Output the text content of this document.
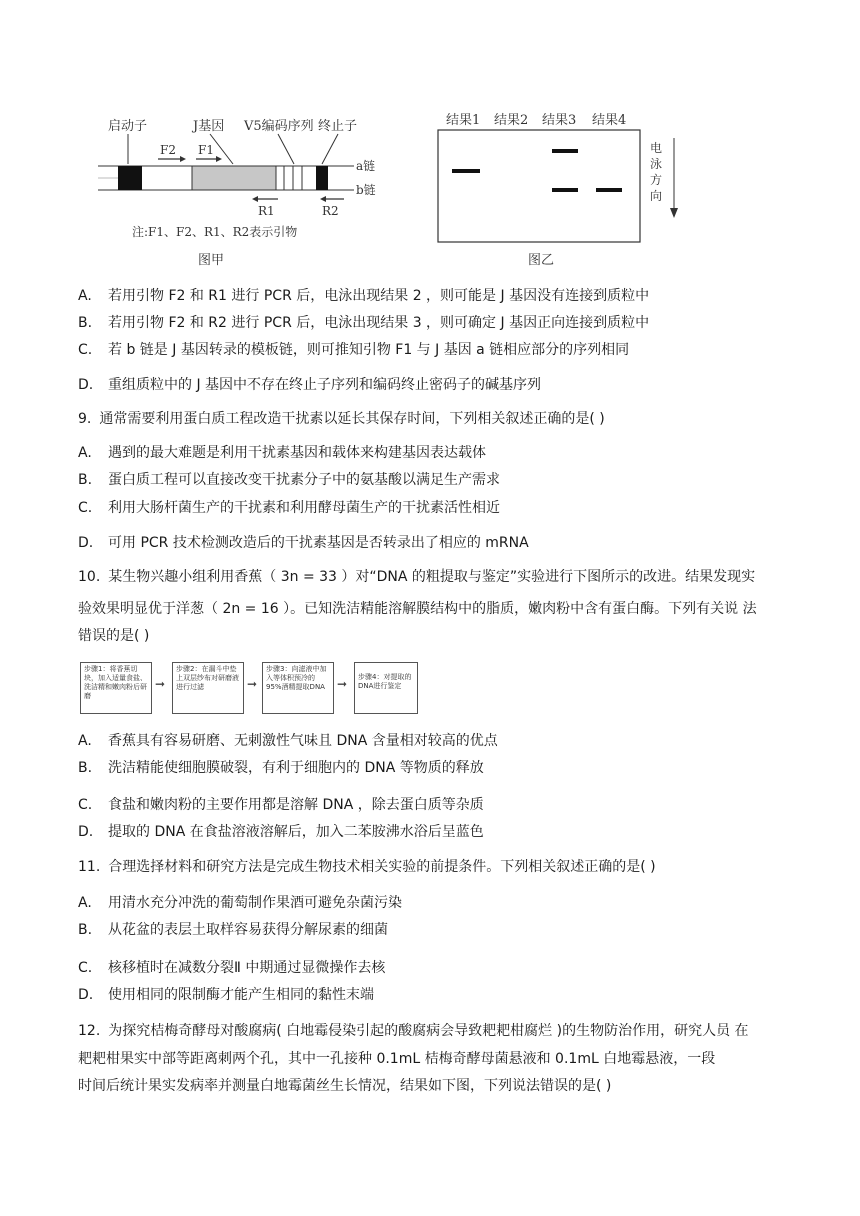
启动子	J基因 V5编码序列 终止子
F2 F1
a链
b链
R1	R2
注:F1、F2、R1、R2表示引物
图甲
结果1 结果2 结果3 结果4
电
泳
方
向
图乙
A. 若用引物 F2 和 R1 进行 PCR 后，电泳出现结果 2 ，则可能是 J 基因没有连接到质粒中
B. 若用引物 F2 和 R2 进行 PCR 后，电泳出现结果 3 ，则可确定 J 基因正向连接到质粒中
C. 若 b 链是 J 基因转录的模板链，则可推知引物 F1 与 J 基因 a 链相应部分的序列相同
D. 重组质粒中的 J 基因中不存在终止子序列和编码终止密码子的碱基序列
9. 通常需要利用蛋白质工程改造干扰素以延长其保存时间，下列相关叙述正确的是( )
A. 遇到的最大难题是利用干扰素基因和载体来构建基因表达载体
B. 蛋白质工程可以直接改变干扰素分子中的氨基酸以满足生产需求
C. 利用大肠杆菌生产的干扰素和利用酵母菌生产的干扰素活性相近
D. 可用 PCR 技术检测改造后的干扰素基因是否转录出了相应的 mRNA
10. 某生物兴趣小组利用香蕉（ 3n = 33 ）对“DNA 的粗提取与鉴定”实验进行下图所示的改进。结果发现实
验效果明显优于洋葱（ 2n = 16 ）。已知洗洁精能溶解膜结构中的脂质，嫩肉粉中含有蛋白酶。下列有关说 法
错误的是( )
步骤1：将香蕉切块，加入适量食盐、洗洁精和嫩肉粉后研磨
➞
步骤2：在漏斗中垫上双层纱布对研磨液进行过滤	➞
步骤3：向滤液中加入等体积预冷的95%酒精提取DNA	➞	步骤4：对提取的DNA进行鉴定
A. 香蕉具有容易研磨、无刺激性气味且 DNA 含量相对较高的优点
B. 洗洁精能使细胞膜破裂，有利于细胞内的 DNA 等物质的释放
C. 食盐和嫩肉粉的主要作用都是溶解 DNA ，除去蛋白质等杂质
D. 提取的 DNA 在食盐溶液溶解后，加入二苯胺沸水浴后呈蓝色
11. 合理选择材料和研究方法是完成生物技术相关实验的前提条件。下列相关叙述正确的是( )
A. 用清水充分冲洗的葡萄制作果酒可避免杂菌污染
B. 从花盆的表层土取样容易获得分解尿素的细菌
C. 核移植时在减数分裂Ⅱ 中期通过显微操作去核
D. 使用相同的限制酶才能产生相同的黏性末端
12. 为探究桔梅奇酵母对酸腐病( 白地霉侵染引起的酸腐病会导致耙耙柑腐烂 )的生物防治作用，研究人员 在
耙耙柑果实中部等距离刺两个孔，其中一孔接种 0.1mL 桔梅奇酵母菌悬液和 0.1mL 白地霉悬液，一段
时间后统计果实发病率并测量白地霉菌丝生长情况，结果如下图，下列说法错误的是( )
